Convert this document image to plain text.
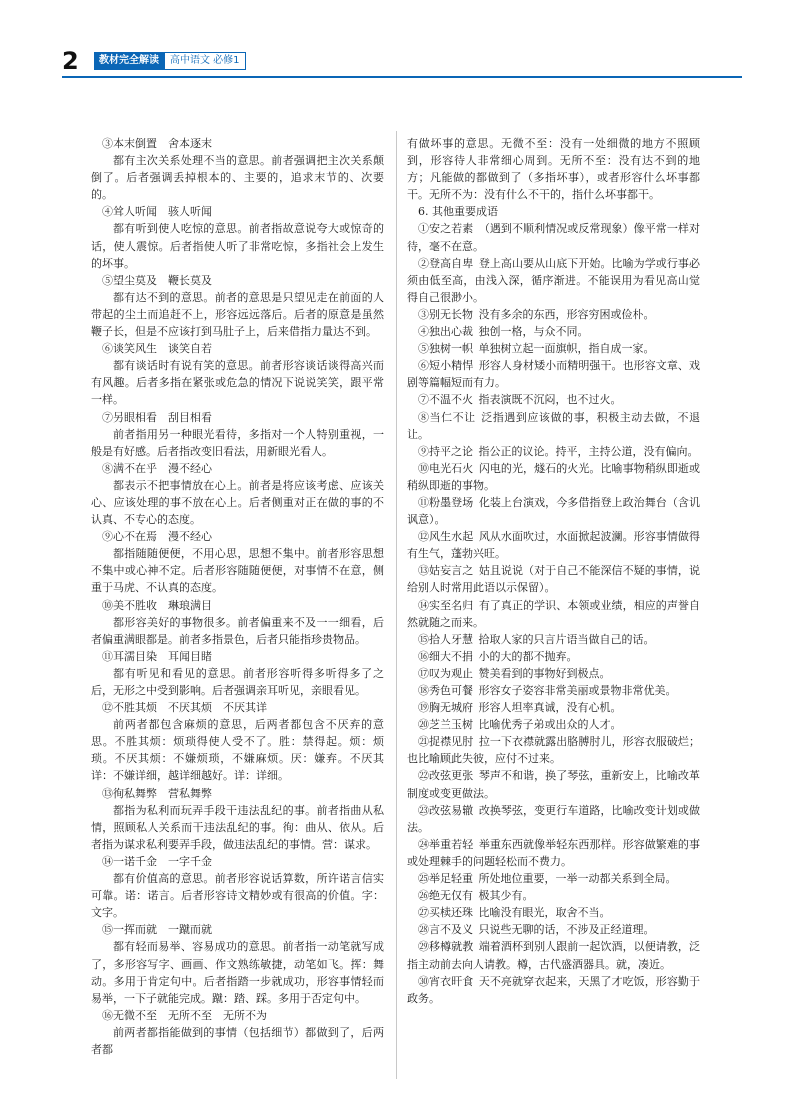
2	教材完全解读	高中语文 必修1

③本末倒置　舍本逐末

都有主次关系处理不当的意思。前者强调把主次关系颠倒了。后者强调丢掉根本的、主要的，追求末节的、次要的。

④耸人听闻　骇人听闻

都有听到使人吃惊的意思。前者指故意说夸大或惊奇的话，使人震惊。后者指使人听了非常吃惊，多指社会上发生的坏事。

⑤望尘莫及　鞭长莫及

都有达不到的意思。前者的意思是只望见走在前面的人带起的尘土而追赶不上，形容远远落后。后者的原意是虽然鞭子长，但是不应该打到马肚子上，后来借指力量达不到。

⑥谈笑风生　谈笑自若

都有谈话时有说有笑的意思。前者形容谈话谈得高兴而有风趣。后者多指在紧张或危急的情况下说说笑笑，跟平常一样。

⑦另眼相看　刮目相看

前者指用另一种眼光看待，多指对一个人特别重视，一般是有好感。后者指改变旧看法，用新眼光看人。

⑧满不在乎　漫不经心

都表示不把事情放在心上。前者是将应该考虑、应该关心、应该处理的事不放在心上。后者侧重对正在做的事的不认真、不专心的态度。

⑨心不在焉　漫不经心

都指随随便便，不用心思，思想不集中。前者形容思想不集中或心神不定。后者形容随随便便，对事情不在意，侧重于马虎、不认真的态度。

⑩美不胜收　琳琅满目

都形容美好的事物很多。前者偏重来不及一一细看，后者偏重满眼都是。前者多指景色，后者只能指珍贵物品。

⑪耳濡目染　耳闻目睹

都有听见和看见的意思。前者形容听得多听得多了之后，无形之中受到影响。后者强调亲耳听见，亲眼看见。

⑫不胜其烦　不厌其烦　不厌其详

前两者都包含麻烦的意思，后两者都包含不厌弃的意思。不胜其烦：烦琐得使人受不了。胜：禁得起。烦：烦琐。不厌其烦：不嫌烦琐，不嫌麻烦。厌：嫌弃。不厌其详：不嫌详细，越详细越好。详：详细。

⑬徇私舞弊　营私舞弊

都指为私利而玩弄手段干违法乱纪的事。前者指曲从私情，照顾私人关系而干违法乱纪的事。徇：曲从、依从。后者指为谋求私利要弄手段，做违法乱纪的事情。营：谋求。

⑭一诺千金　一字千金

都有价值高的意思。前者形容说话算数，所许诺言信实可靠。诺：诺言。后者形容诗文精妙或有很高的价值。字：文字。

⑮一挥而就　一蹴而就

都有轻而易举、容易成功的意思。前者指一动笔就写成了，多形容写字、画画、作文熟练敏捷，动笔如飞。挥：舞动。多用于肯定句中。后者指踏一步就成功，形容事情轻而易举，一下子就能完成。蹴：踏、踩。多用于否定句中。

⑯无微不至　无所不至　无所不为

前两者都指能做到的事情（包括细节）都做到了，后两者都

有做坏事的意思。无微不至：没有一处细微的地方不照顾到，形容待人非常细心周到。无所不至：没有达不到的地方；凡能做的都做到了（多指坏事），或者形容什么坏事都干。无所不为：没有什么不干的，指什么坏事都干。

6. 其他重要成语

①安之若素 （遇到不顺利情况或反常现象）像平常一样对待，毫不在意。

②登高自卑 登上高山要从山底下开始。比喻为学或行事必须由低至高，由浅入深，循序渐进。不能误用为看见高山觉得自己很渺小。

③别无长物 没有多余的东西，形容穷困或俭朴。

④独出心裁 独创一格，与众不同。

⑤独树一帜 单独树立起一面旗帜，指自成一家。

⑥短小精悍 形容人身材矮小而精明强干。也形容文章、戏剧等篇幅短而有力。

⑦不温不火 指表演既不沉闷，也不过火。

⑧当仁不让 泛指遇到应该做的事，积极主动去做，不退让。

⑨持平之论 指公正的议论。持平，主持公道，没有偏向。

⑩电光石火 闪电的光，燧石的火光。比喻事物稍纵即逝或稍纵即逝的事物。

⑪粉墨登场 化装上台演戏，今多借指登上政治舞台（含讥讽意）。

⑫风生水起 风从水面吹过，水面掀起波澜。形容事情做得有生气，蓬勃兴旺。

⑬姑妄言之 姑且说说（对于自己不能深信不疑的事情，说给别人时常用此语以示保留）。

⑭实至名归 有了真正的学识、本领或业绩，相应的声誉自然就随之而来。

⑮拾人牙慧 拾取人家的只言片语当做自己的话。

⑯细大不捐 小的大的都不抛弃。

⑰叹为观止 赞美看到的事物好到极点。

⑱秀色可餐 形容女子姿容非常美丽或景物非常优美。

⑲胸无城府 形容人坦率真诚，没有心机。

⑳芝兰玉树 比喻优秀子弟或出众的人才。

㉑捉襟见肘 拉一下衣襟就露出胳膊肘儿，形容衣服破烂；也比喻顾此失彼，应付不过来。

㉒改弦更张 琴声不和谐，换了琴弦，重新安上，比喻改革制度或变更做法。

㉓改弦易辙 改换琴弦，变更行车道路，比喻改变计划或做法。

㉔举重若轻 举重东西就像举轻东西那样。形容做繁难的事或处理棘手的问题轻松而不费力。

㉕举足轻重 所处地位重要，一举一动都关系到全局。

㉖绝无仅有 极其少有。

㉗买椟还珠 比喻没有眼光，取舍不当。

㉘言不及义 只说些无聊的话，不涉及正经道理。

㉙移樽就教 端着酒杯到别人跟前一起饮酒，以便请教，泛指主动前去向人请教。樽，古代盛酒器具。就，凑近。

㉚宵衣旰食 天不亮就穿衣起来，天黑了才吃饭，形容勤于政务。
